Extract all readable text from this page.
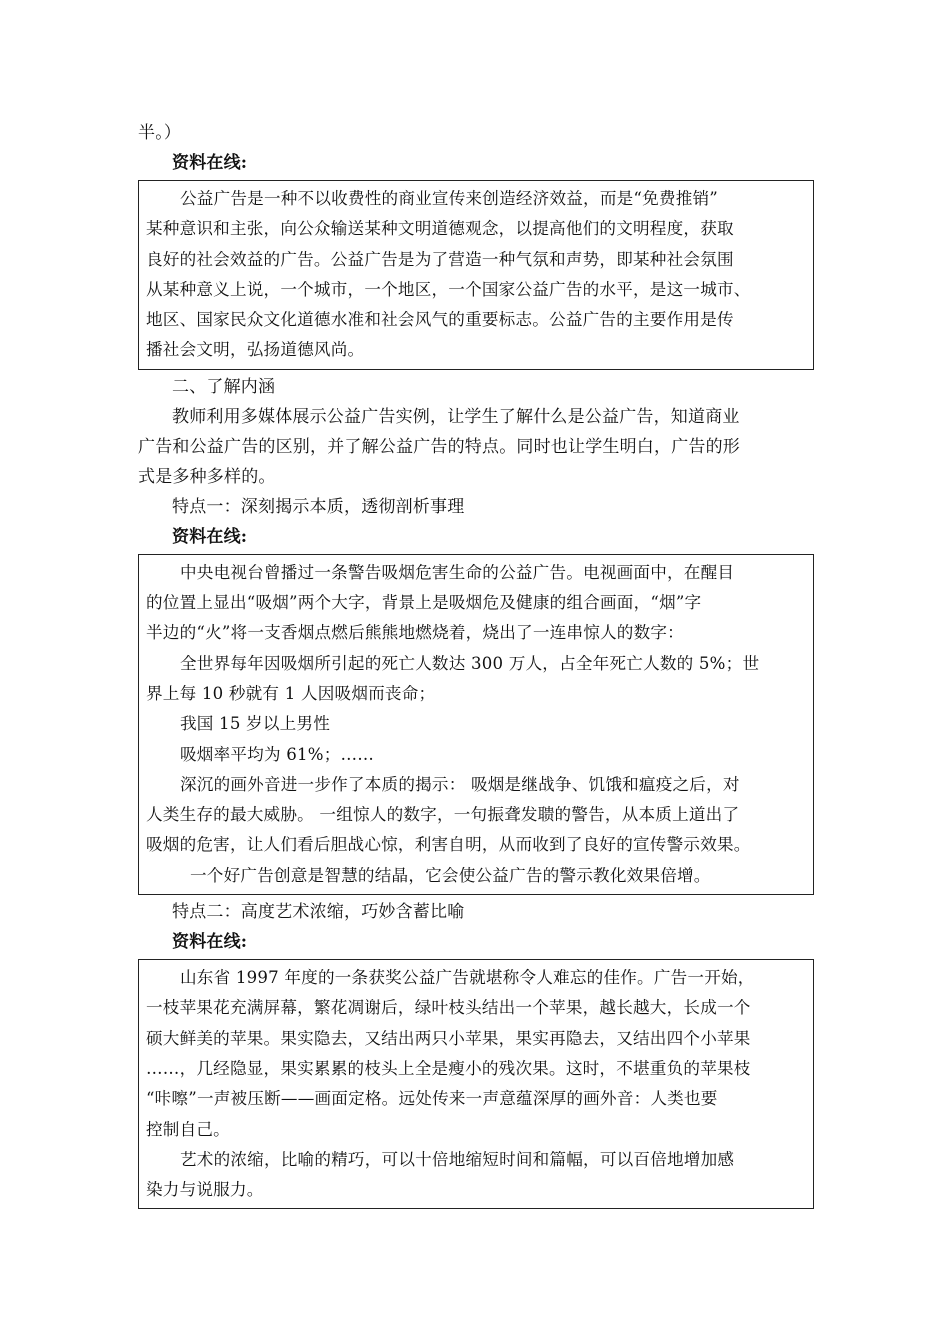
半。）
资料在线:
公益广告是一种不以收费性的商业宣传来创造经济效益，而是“免费推销”
某种意识和主张，向公众输送某种文明道德观念，以提高他们的文明程度，获取
良好的社会效益的广告。公益广告是为了营造一种气氛和声势，即某种社会氛围
从某种意义上说，一个城市，一个地区，一个国家公益广告的水平，是这一城市、
地区、国家民众文化道德水准和社会风气的重要标志。公益广告的主要作用是传
播社会文明，弘扬道德风尚。
二、了解内涵
教师利用多媒体展示公益广告实例，让学生了解什么是公益广告，知道商业
广告和公益广告的区别，并了解公益广告的特点。同时也让学生明白，广告的形
式是多种多样的。
特点一：深刻揭示本质，透彻剖析事理
资料在线:
中央电视台曾播过一条警告吸烟危害生命的公益广告。电视画面中，在醒目
的位置上显出“吸烟”两个大字，背景上是吸烟危及健康的组合画面，“烟”字
半边的“火”将一支香烟点燃后熊熊地燃烧着，烧出了一连串惊人的数字：
全世界每年因吸烟所引起的死亡人数达 300 万人，占全年死亡人数的 5%；世
界上每 10 秒就有 1 人因吸烟而丧命；
我国 15 岁以上男性
吸烟率平均为 61%；……
深沉的画外音进一步作了本质的揭示： 吸烟是继战争、饥饿和瘟疫之后，对
人类生存的最大威胁。 一组惊人的数字，一句振聋发聩的警告，从本质上道出了
吸烟的危害，让人们看后胆战心惊，利害自明，从而收到了良好的宣传警示效果。
一个好广告创意是智慧的结晶，它会使公益广告的警示教化效果倍增。
特点二：高度艺术浓缩，巧妙含蓄比喻
资料在线:
山东省 1997 年度的一条获奖公益广告就堪称令人难忘的佳作。广告一开始，
一枝苹果花充满屏幕，繁花凋谢后，绿叶枝头结出一个苹果，越长越大，长成一个
硕大鲜美的苹果。果实隐去，又结出两只小苹果，果实再隐去，又结出四个小苹果
……，几经隐显，果实累累的枝头上全是瘦小的残次果。这时，不堪重负的苹果枝
“咔嚓”一声被压断——画面定格。远处传来一声意蕴深厚的画外音：人类也要
控制自己。
艺术的浓缩，比喻的精巧，可以十倍地缩短时间和篇幅，可以百倍地增加感
染力与说服力。
